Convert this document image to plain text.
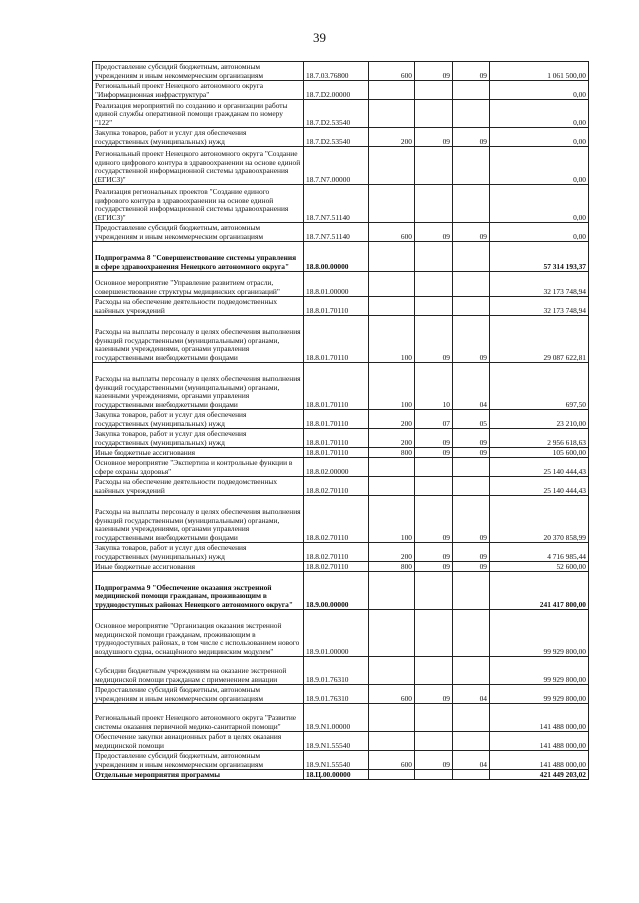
39
Предоставление субсидий бюджетным, автономным учреждениям и иным некоммерческим организациям	18.7.03.76800	600	09	09	1 061 500,00
Региональный проект Ненецкого автономного округа "Информационная инфраструктура"	18.7.D2.00000				0,00
Реализация мероприятий по созданию и организации работы единой службы оперативной помощи гражданам по номеру "122"	18.7.D2.53540				0,00
Закупка товаров, работ и услуг для обеспечения государственных (муниципальных) нужд	18.7.D2.53540	200	09	09	0,00
Региональный проект Ненецкого автономного округа "Создание единого цифрового контура в здравоохранении на основе единой государственной информационной системы здравоохранения (ЕГИСЗ)"	18.7.N7.00000				0,00
Реализация региональных проектов "Создание единого цифрового контура в здравоохранении на основе единой государственной информационной системы здравоохранения (ЕГИСЗ)"	18.7.N7.51140				0,00
Предоставление субсидий бюджетным, автономным учреждениям и иным некоммерческим организациям	18.7.N7.51140	600	09	09	0,00
Подпрограмма 8 "Совершенствование системы управления в сфере здравоохранения Ненецкого автономного округа"	18.8.00.00000				57 314 193,37
Основное мероприятие "Управление развитием отрасли, совершенствование структуры медицинских организаций"	18.8.01.00000				32 173 748,94
Расходы на обеспечение деятельности подведомственных казённых учреждений	18.8.01.70110				32 173 748,94
Расходы на выплаты персоналу в целях обеспечения выполнения функций государственными (муниципальными) органами, казенными учреждениями, органами управления государственными внебюджетными фондами	18.8.01.70110	100	09	09	29 087 622,81
Расходы на выплаты персоналу в целях обеспечения выполнения функций государственными (муниципальными) органами, казенными учреждениями, органами управления государственными внебюджетными фондами	18.8.01.70110	100	10	04	697,50
Закупка товаров, работ и услуг для обеспечения государственных (муниципальных) нужд	18.8.01.70110	200	07	05	23 210,00
Закупка товаров, работ и услуг для обеспечения государственных (муниципальных) нужд	18.8.01.70110	200	09	09	2 956 618,63
Иные бюджетные ассигнования	18.8.01.70110	800	09	09	105 600,00
Основное мероприятие "Экспертиза и контрольные функции в сфере охраны здоровья"	18.8.02.00000				25 140 444,43
Расходы на обеспечение деятельности подведомственных казённых учреждений	18.8.02.70110				25 140 444,43
Расходы на выплаты персоналу в целях обеспечения выполнения функций государственными (муниципальными) органами, казенными учреждениями, органами управления государственными внебюджетными фондами	18.8.02.70110	100	09	09	20 370 858,99
Закупка товаров, работ и услуг для обеспечения государственных (муниципальных) нужд	18.8.02.70110	200	09	09	4 716 985,44
Иные бюджетные ассигнования	18.8.02.70110	800	09	09	52 600,00
Подпрограмма 9 "Обеспечение оказания экстренной медицинской помощи гражданам, проживающим в труднодоступных районах Ненецкого автономного округа"	18.9.00.00000				241 417 800,00
Основное мероприятие "Организация оказания экстренной медицинской помощи гражданам, проживающим в труднодоступных районах, в том числе с использованием нового воздушного судна, оснащённого медицинским модулем"	18.9.01.00000				99 929 800,00
Субсидии бюджетным учреждениям на оказание экстренной медицинской помощи гражданам с применением авиации	18.9.01.76310				99 929 800,00
Предоставление субсидий бюджетным, автономным учреждениям и иным некоммерческим организациям	18.9.01.76310	600	09	04	99 929 800,00
Региональный проект Ненецкого автономного округа "Развитие системы оказания первичной медико-санитарной помощи"	18.9.N1.00000				141 488 000,00
Обеспечение закупки авиационных работ в целях оказания медицинской помощи	18.9.N1.55540				141 488 000,00
Предоставление субсидий бюджетным, автономным учреждениям и иным некоммерческим организациям	18.9.N1.55540	600	09	04	141 488 000,00
Отдельные мероприятия программы	18.Ц.00.00000				421 449 203,02
